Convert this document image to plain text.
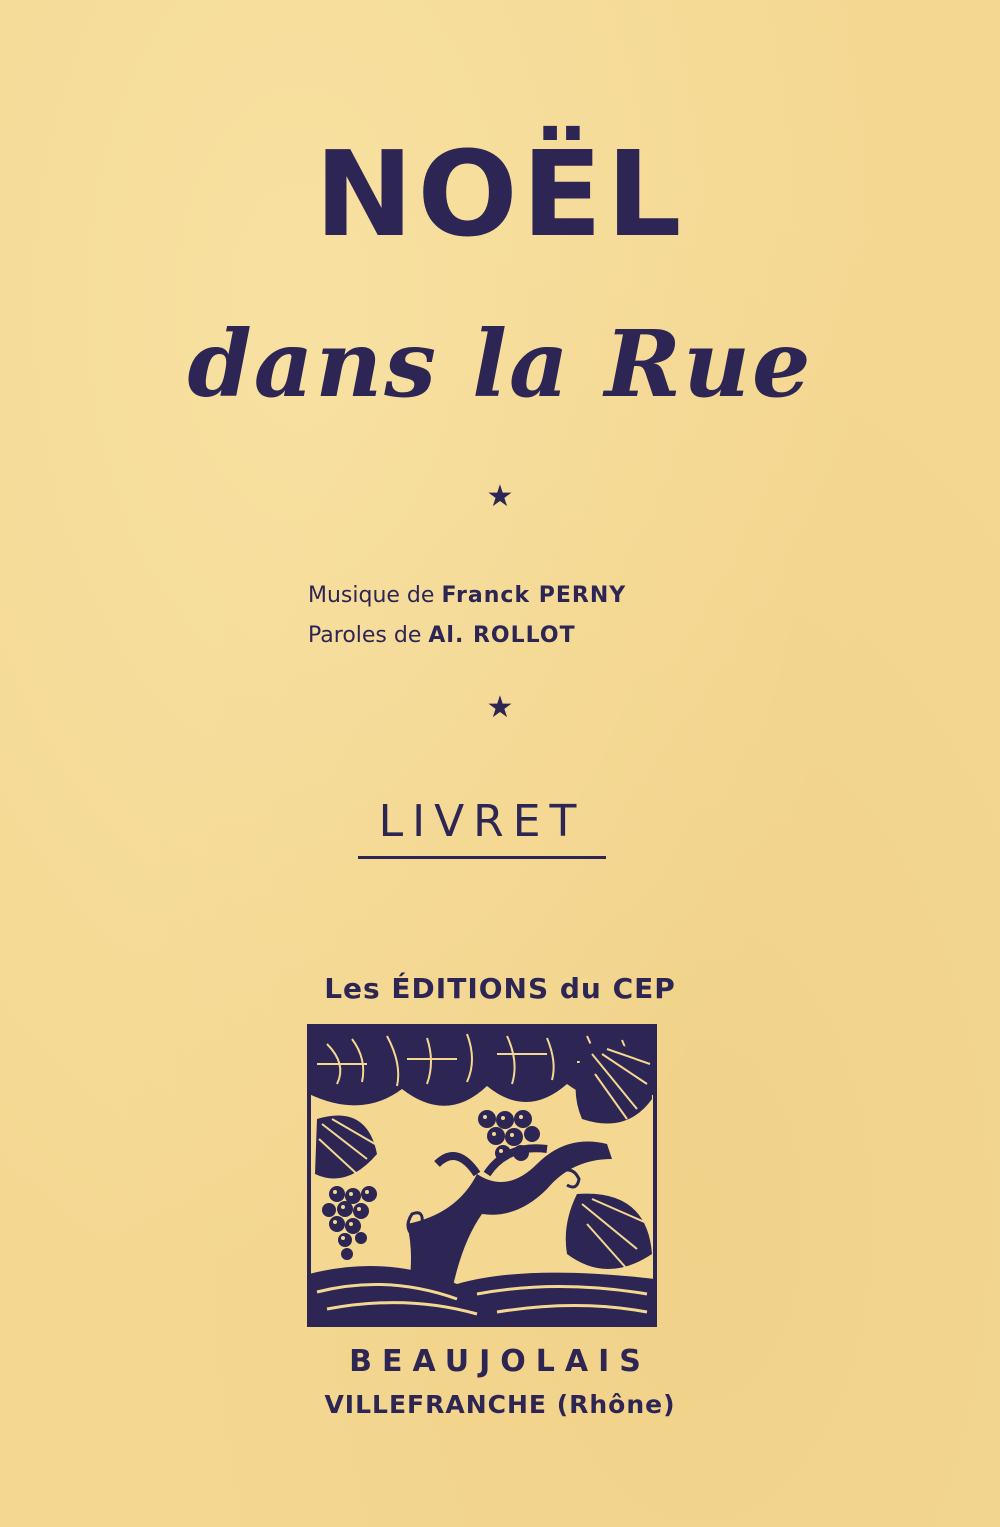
NOËL
dans la Rue
★
Musique de Franck PERNY
Paroles de Al. ROLLOT
★
LIVRET
Les ÉDITIONS du CEP
BEAUJOLAIS
VILLEFRANCHE (Rhône)
